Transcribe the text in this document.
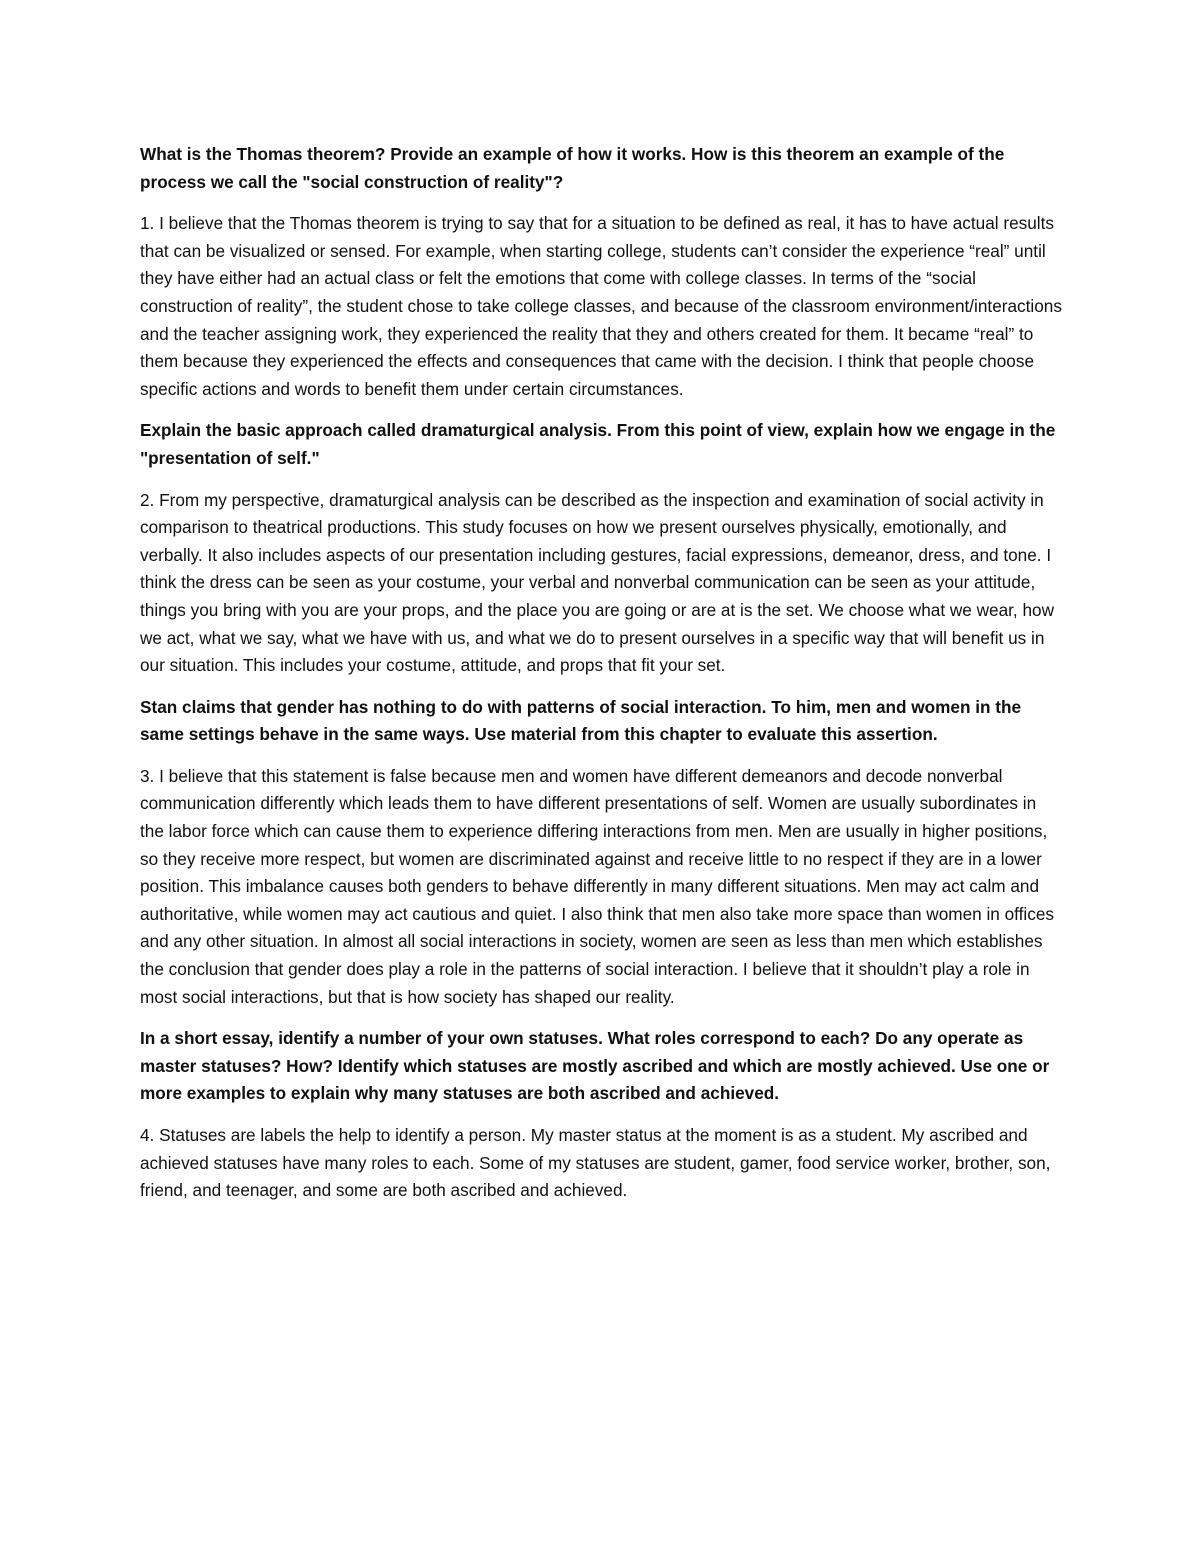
What is the Thomas theorem? Provide an example of how it works. How is this theorem an example of the process we call the "social construction of reality"?

1. I believe that the Thomas theorem is trying to say that for a situation to be defined as real, it has to have actual results that can be visualized or sensed. For example, when starting college, students can’t consider the experience “real” until they have either had an actual class or felt the emotions that come with college classes. In terms of the “social construction of reality”, the student chose to take college classes, and because of the classroom environment/interactions and the teacher assigning work, they experienced the reality that they and others created for them. It became “real” to them because they experienced the effects and consequences that came with the decision. I think that people choose specific actions and words to benefit them under certain circumstances.

Explain the basic approach called dramaturgical analysis. From this point of view, explain how we engage in the "presentation of self."

2. From my perspective, dramaturgical analysis can be described as the inspection and examination of social activity in comparison to theatrical productions. This study focuses on how we present ourselves physically, emotionally, and verbally. It also includes aspects of our presentation including gestures, facial expressions, demeanor, dress, and tone. I think the dress can be seen as your costume, your verbal and nonverbal communication can be seen as your attitude, things you bring with you are your props, and the place you are going or are at is the set. We choose what we wear, how we act, what we say, what we have with us, and what we do to present ourselves in a specific way that will benefit us in our situation. This includes your costume, attitude, and props that fit your set.

Stan claims that gender has nothing to do with patterns of social interaction. To him, men and women in the same settings behave in the same ways. Use material from this chapter to evaluate this assertion.

3. I believe that this statement is false because men and women have different demeanors and decode nonverbal communication differently which leads them to have different presentations of self. Women are usually subordinates in the labor force which can cause them to experience differing interactions from men. Men are usually in higher positions, so they receive more respect, but women are discriminated against and receive little to no respect if they are in a lower position. This imbalance causes both genders to behave differently in many different situations. Men may act calm and authoritative, while women may act cautious and quiet. I also think that men also take more space than women in offices and any other situation. In almost all social interactions in society, women are seen as less than men which establishes the conclusion that gender does play a role in the patterns of social interaction. I believe that it shouldn’t play a role in most social interactions, but that is how society has shaped our reality.

In a short essay, identify a number of your own statuses. What roles correspond to each? Do any operate as master statuses? How? Identify which statuses are mostly ascribed and which are mostly achieved. Use one or more examples to explain why many statuses are both ascribed and achieved.

4. Statuses are labels the help to identify a person. My master status at the moment is as a student. My ascribed and achieved statuses have many roles to each. Some of my statuses are student, gamer, food service worker, brother, son, friend, and teenager, and some are both ascribed and achieved.
